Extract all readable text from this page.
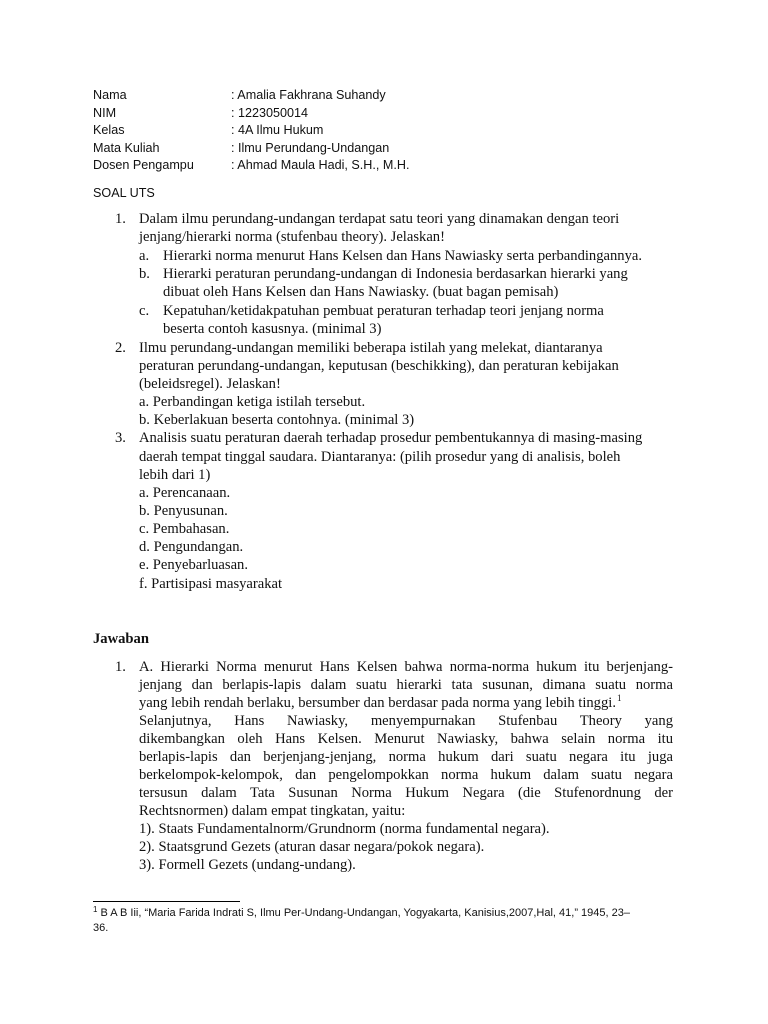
Nama	: Amalia Fakhrana Suhandy
NIM	: 1223050014
Kelas	: 4A Ilmu Hukum
Mata Kuliah	: Ilmu Perundang-Undangan
Dosen Pengampu	: Ahmad Maula Hadi, S.H., M.H.
SOAL UTS
1. Dalam ilmu perundang-undangan terdapat satu teori yang dinamakan dengan teori
jenjang/hierarki norma (stufenbau theory). Jelaskan!
a. Hierarki norma menurut Hans Kelsen dan Hans Nawiasky serta perbandingannya.
b. Hierarki peraturan perundang-undangan di Indonesia berdasarkan hierarki yang
dibuat oleh Hans Kelsen dan Hans Nawiasky. (buat bagan pemisah)
c. Kepatuhan/ketidakpatuhan pembuat peraturan terhadap teori jenjang norma
beserta contoh kasusnya. (minimal 3)
2. Ilmu perundang-undangan memiliki beberapa istilah yang melekat, diantaranya
peraturan perundang-undangan, keputusan (beschikking), dan peraturan kebijakan
(beleidsregel). Jelaskan!
a. Perbandingan ketiga istilah tersebut.
b. Keberlakuan beserta contohnya. (minimal 3)
3. Analisis suatu peraturan daerah terhadap prosedur pembentukannya di masing-masing
daerah tempat tinggal saudara. Diantaranya: (pilih prosedur yang di analisis, boleh
lebih dari 1)
a. Perencanaan.
b. Penyusunan.
c. Pembahasan.
d. Pengundangan.
e. Penyebarluasan.
f. Partisipasi masyarakat
Jawaban
1. A. Hierarki Norma menurut Hans Kelsen bahwa norma-norma hukum itu berjenjang-
jenjang dan berlapis-lapis dalam suatu hierarki tata susunan, dimana suatu norma
yang lebih rendah berlaku, bersumber dan berdasar pada norma yang lebih tinggi.$^1$
Selanjutnya, Hans Nawiasky, menyempurnakan Stufenbau Theory yang
dikembangkan oleh Hans Kelsen. Menurut Nawiasky, bahwa selain norma itu
berlapis-lapis dan berjenjang-jenjang, norma hukum dari suatu negara itu juga
berkelompok-kelompok, dan pengelompokkan norma hukum dalam suatu negara
tersusun dalam Tata Susunan Norma Hukum Negara (die Stufenordnung der
Rechtsnormen) dalam empat tingkatan, yaitu:
1). Staats Fundamentalnorm/Grundnorm (norma fundamental negara).
2). Staatsgrund Gezets (aturan dasar negara/pokok negara).
3). Formell Gezets (undang-undang).
$^1$ B A B Iii, “Maria Farida Indrati S, Ilmu Per-Undang-Undangan, Yogyakarta, Kanisius,2007,Hal, 41,” 1945, 23–
36.
